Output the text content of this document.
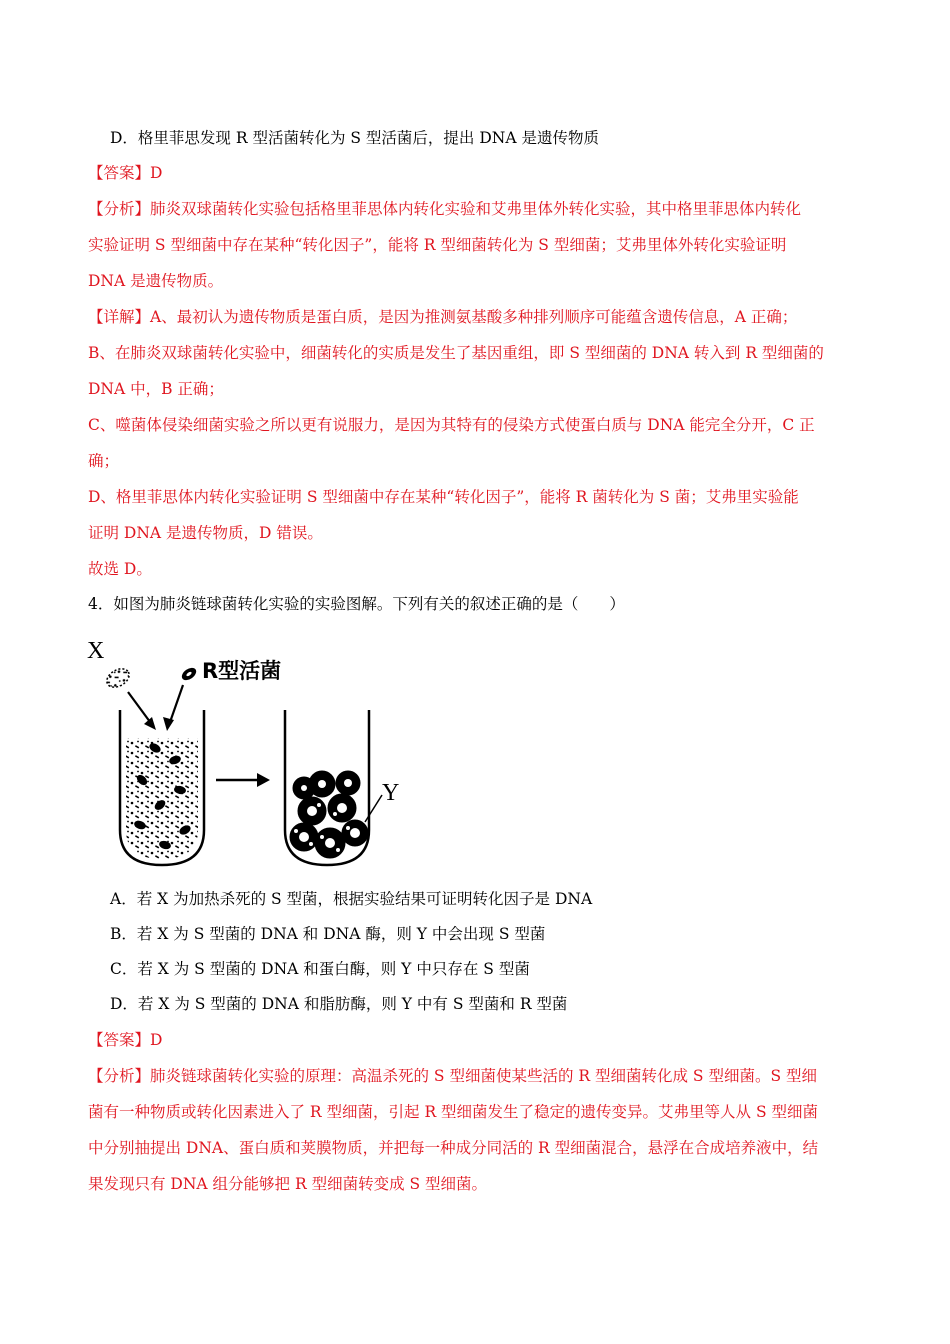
D．格里菲思发现 R 型活菌转化为 S 型活菌后，提出 DNA 是遗传物质
【答案】D
【分析】肺炎双球菌转化实验包括格里菲思体内转化实验和艾弗里体外转化实验，其中格里菲思体内转化
实验证明 S 型细菌中存在某种“转化因子”，能将 R 型细菌转化为 S 型细菌；艾弗里体外转化实验证明
DNA 是遗传物质。
【详解】A、最初认为遗传物质是蛋白质，是因为推测氨基酸多种排列顺序可能蕴含遗传信息，A 正确；
B、在肺炎双球菌转化实验中，细菌转化的实质是发生了基因重组，即 S 型细菌的 DNA 转入到 R 型细菌的
DNA 中，B 正确；
C、噬菌体侵染细菌实验之所以更有说服力，是因为其特有的侵染方式使蛋白质与 DNA 能完全分开，C 正
确；
D、格里菲思体内转化实验证明 S 型细菌中存在某种“转化因子”，能将 R 菌转化为 S 菌；艾弗里实验能
证明 DNA 是遗传物质，D 错误。
故选 D。
4．如图为肺炎链球菌转化实验的实验图解。下列有关的叙述正确的是（　　）
X
R型活菌
Y
A．若 X 为加热杀死的 S 型菌，根据实验结果可证明转化因子是 DNA
B．若 X 为 S 型菌的 DNA 和 DNA 酶，则 Y 中会出现 S 型菌
C．若 X 为 S 型菌的 DNA 和蛋白酶，则 Y 中只存在 S 型菌
D．若 X 为 S 型菌的 DNA 和脂肪酶，则 Y 中有 S 型菌和 R 型菌
【答案】D
【分析】肺炎链球菌转化实验的原理：高温杀死的 S 型细菌使某些活的 R 型细菌转化成 S 型细菌。S 型细
菌有一种物质或转化因素进入了 R 型细菌，引起 R 型细菌发生了稳定的遗传变异。艾弗里等人从 S 型细菌
中分别抽提出 DNA、蛋白质和荚膜物质，并把每一种成分同活的 R 型细菌混合，悬浮在合成培养液中，结
果发现只有 DNA 组分能够把 R 型细菌转变成 S 型细菌。
